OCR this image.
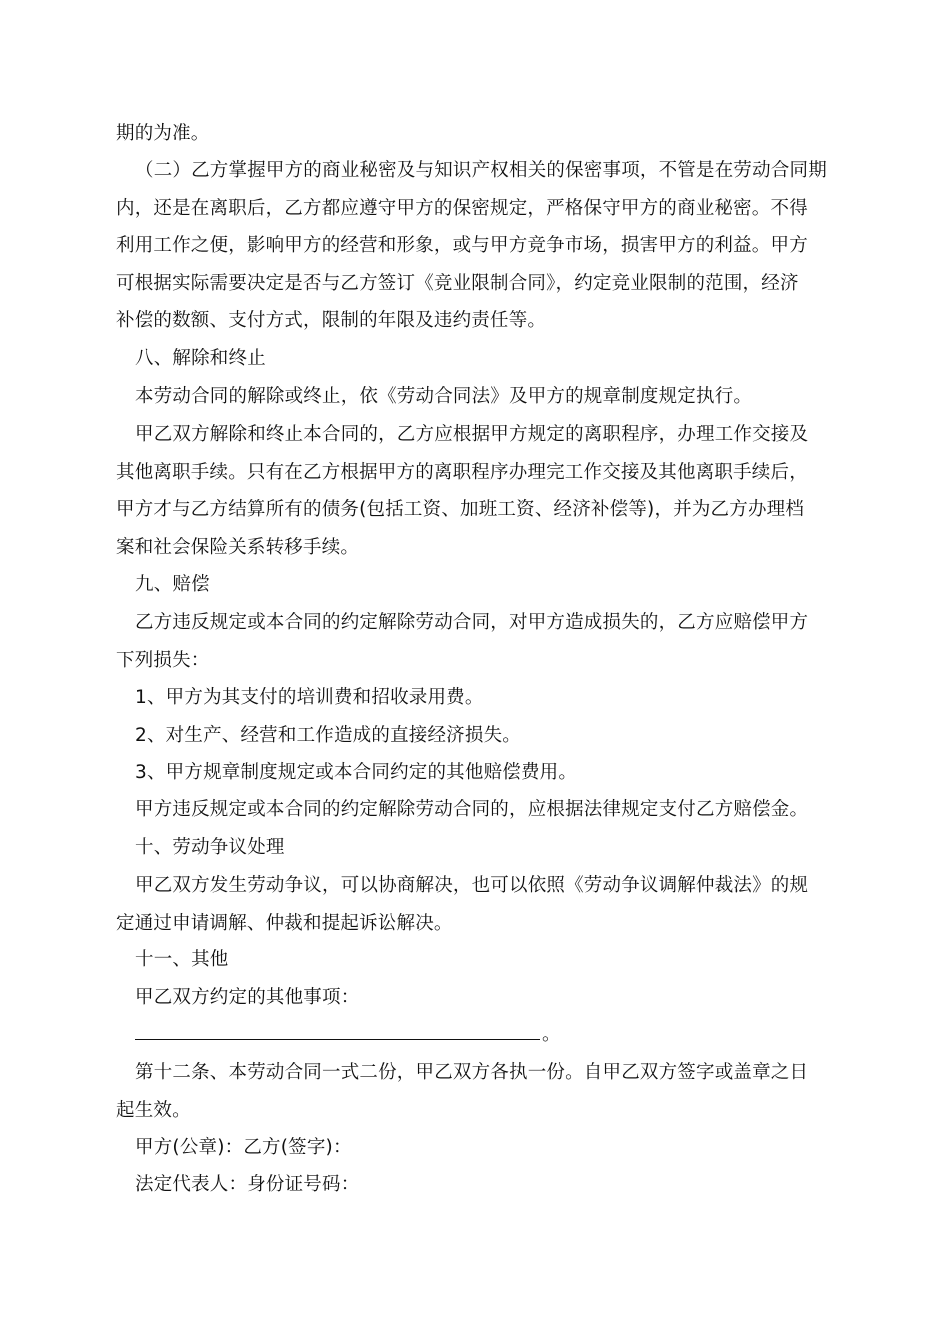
期的为准。

（二）乙方掌握甲方的商业秘密及与知识产权相关的保密事项，不管是在劳动合同期
内，还是在离职后，乙方都应遵守甲方的保密规定，严格保守甲方的商业秘密。不得
利用工作之便，影响甲方的经营和形象，或与甲方竞争市场，损害甲方的利益。甲方
可根据实际需要决定是否与乙方签订《竞业限制合同》，约定竞业限制的范围，经济
补偿的数额、支付方式，限制的年限及违约责任等。

八、解除和终止

本劳动合同的解除或终止，依《劳动合同法》及甲方的规章制度规定执行。

甲乙双方解除和终止本合同的，乙方应根据甲方规定的离职程序，办理工作交接及
其他离职手续。只有在乙方根据甲方的离职程序办理完工作交接及其他离职手续后，
甲方才与乙方结算所有的债务(包括工资、加班工资、经济补偿等)，并为乙方办理档
案和社会保险关系转移手续。

九、赔偿

乙方违反规定或本合同的约定解除劳动合同，对甲方造成损失的，乙方应赔偿甲方
下列损失：

1、甲方为其支付的培训费和招收录用费。

2、对生产、经营和工作造成的直接经济损失。

3、甲方规章制度规定或本合同约定的其他赔偿费用。

甲方违反规定或本合同的约定解除劳动合同的，应根据法律规定支付乙方赔偿金。

十、劳动争议处理

甲乙双方发生劳动争议，可以协商解决，也可以依照《劳动争议调解仲裁法》的规
定通过申请调解、仲裁和提起诉讼解决。

十一、其他

甲乙双方约定的其他事项：

。

第十二条、本劳动合同一式二份，甲乙双方各执一份。自甲乙双方签字或盖章之日
起生效。

甲方(公章)：乙方(签字)：

法定代表人：身份证号码：
